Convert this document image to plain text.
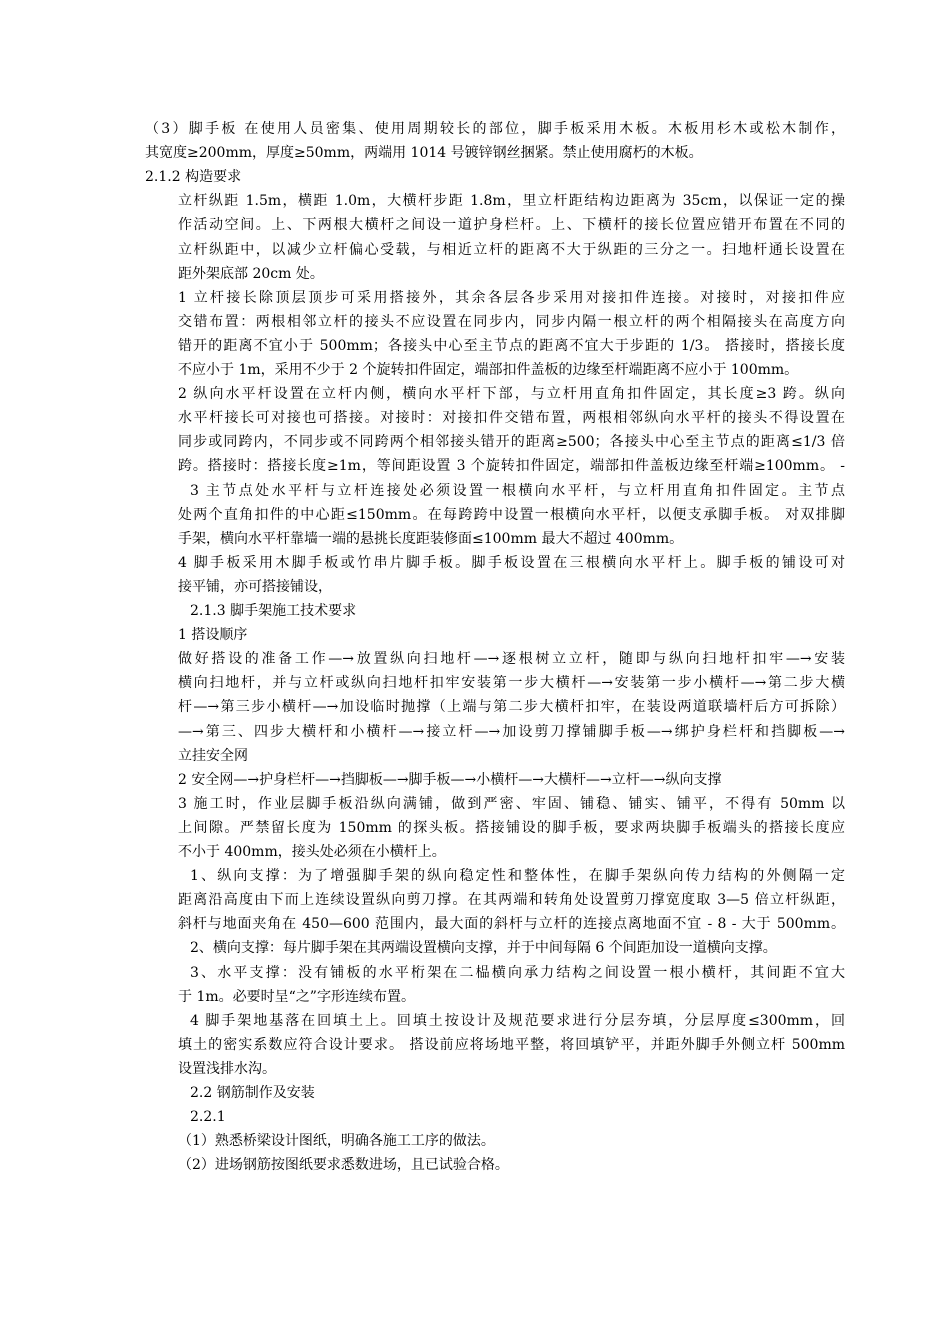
（3）脚手板 在使用人员密集、使用周期较长的部位，脚手板采用木板。木板用杉木或松木制作，
其宽度≥200mm，厚度≥50mm，两端用 1014 号镀锌钢丝捆紧。禁止使用腐朽的木板。
2.1.2 构造要求
立杆纵距 1.5m，横距 1.0m，大横杆步距 1.8m，里立杆距结构边距离为 35cm，以保证一定的操
作活动空间。上、下两根大横杆之间设一道护身栏杆。上、下横杆的接长位置应错开布置在不同的
立杆纵距中，以减少立杆偏心受载，与相近立杆的距离不大于纵距的三分之一。扫地杆通长设置在
距外架底部 20cm 处。
1 立杆接长除顶层顶步可采用搭接外，其余各层各步采用对接扣件连接。对接时，对接扣件应
交错布置：两根相邻立杆的接头不应设置在同步内，同步内隔一根立杆的两个相隔接头在高度方向
错开的距离不宜小于 500mm；各接头中心至主节点的距离不宜大于步距的 1/3。 搭接时，搭接长度
不应小于 1m，采用不少于 2 个旋转扣件固定，端部扣件盖板的边缘至杆端距离不应小于 100mm。
2 纵向水平杆设置在立杆内侧，横向水平杆下部，与立杆用直角扣件固定，其长度≥3 跨。纵向
水平杆接长可对接也可搭接。对接时：对接扣件交错布置，两根相邻纵向水平杆的接头不得设置在
同步或同跨内，不同步或不同跨两个相邻接头错开的距离≥500；各接头中心至主节点的距离≤1/3 倍
跨。搭接时：搭接长度≥1m，等间距设置 3 个旋转扣件固定，端部扣件盖板边缘至杆端≥100mm。 -
3 主节点处水平杆与立杆连接处必须设置一根横向水平杆，与立杆用直角扣件固定。主节点
处两个直角扣件的中心距≤150mm。在每跨跨中设置一根横向水平杆，以便支承脚手板。 对双排脚
手架，横向水平杆靠墙一端的悬挑长度距装修面≤100mm 最大不超过 400mm。
4 脚手板采用木脚手板或竹串片脚手板。脚手板设置在三根横向水平杆上。脚手板的铺设可对
接平铺，亦可搭接铺设，
2.1.3 脚手架施工技术要求
1 搭设顺序
做好搭设的准备工作—→放置纵向扫地杆—→逐根树立立杆，随即与纵向扫地杆扣牢—→安装
横向扫地杆，并与立杆或纵向扫地杆扣牢安装第一步大横杆—→安装第一步小横杆—→第二步大横
杆—→第三步小横杆—→加设临时抛撑（上端与第二步大横杆扣牢，在装设两道联墙杆后方可拆除）
—→第三、四步大横杆和小横杆—→接立杆—→加设剪刀撑铺脚手板—→绑护身栏杆和挡脚板—→
立挂安全网
2 安全网—→护身栏杆—→挡脚板—→脚手板—→小横杆—→大横杆—→立杆—→纵向支撑
3 施工时，作业层脚手板沿纵向满铺，做到严密、牢固、铺稳、铺实、铺平，不得有 50mm 以
上间隙。严禁留长度为 150mm 的探头板。搭接铺设的脚手板，要求两块脚手板端头的搭接长度应
不小于 400mm，接头处必须在小横杆上。
1、纵向支撑：为了增强脚手架的纵向稳定性和整体性，在脚手架纵向传力结构的外侧隔一定
距离沿高度由下而上连续设置纵向剪刀撑。在其两端和转角处设置剪刀撑宽度取 3—5 倍立杆纵距，
斜杆与地面夹角在 450—600 范围内，最大面的斜杆与立杆的连接点离地面不宜 - 8 - 大于 500mm。
2、横向支撑：每片脚手架在其两端设置横向支撑，并于中间每隔 6 个间距加设一道横向支撑。
3、水平支撑：没有铺板的水平桁架在二榀横向承力结构之间设置一根小横杆，其间距不宜大
于 1m。必要时呈“之”字形连续布置。
4 脚手架地基落在回填土上。回填土按设计及规范要求进行分层夯填，分层厚度≤300mm，回
填土的密实系数应符合设计要求。 搭设前应将场地平整，将回填铲平，并距外脚手外侧立杆 500mm
设置浅排水沟。
2.2 钢筋制作及安装
2.2.1
（1）熟悉桥梁设计图纸，明确各施工工序的做法。
（2）进场钢筋按图纸要求悉数进场，且已试验合格。
